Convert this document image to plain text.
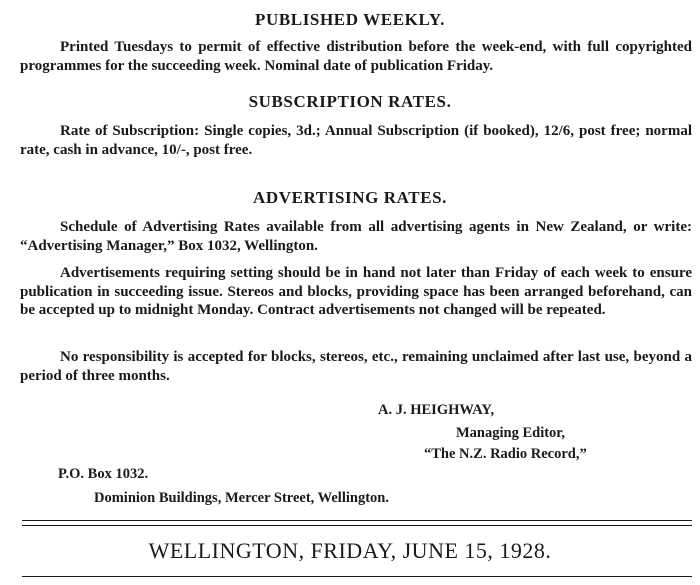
PUBLISHED WEEKLY.

Printed Tuesdays to permit of effective distribution before the week-end, with full copyrighted programmes for the succeeding week. Nominal date of publication Friday.

SUBSCRIPTION RATES.

Rate of Subscription: Single copies, 3d.; Annual Subscription (if booked), 12/6, post free; normal rate, cash in advance, 10/-, post free.

ADVERTISING RATES.

Schedule of Advertising Rates available from all advertising agents in New Zealand, or write: “Advertising Manager,” Box 1032, Wellington.

Advertisements requiring setting should be in hand not later than Friday of each week to ensure publication in succeeding issue. Stereos and blocks, providing space has been arranged beforehand, can be accepted up to midnight Monday. Contract advertisements not changed will be repeated.

No responsibility is accepted for blocks, stereos, etc., remaining unclaimed after last use, beyond a period of three months.

A. J. HEIGHWAY,

Managing Editor,

“The N.Z. Radio Record,”

P.O. Box 1032.

Dominion Buildings, Mercer Street, Wellington.

WELLINGTON, FRIDAY, JUNE 15, 1928.
